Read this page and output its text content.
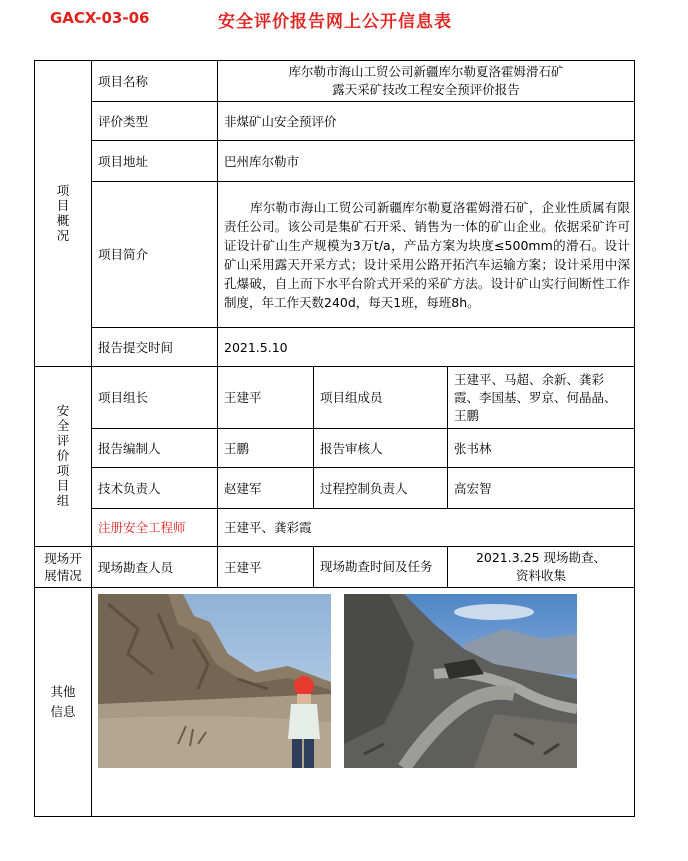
GACX-03-06	安全评价报告网上公开信息表
项目概况	项目名称	库尔勒市海山工贸公司新疆库尔勒夏洛霍姆滑石矿
露天采矿技改工程安全预评价报告		

	评价类型	非煤矿山安全预评价		
	项目地址	巴州库尔勒市		
	项目简介	库尔勒市海山工贸公司新疆库尔勒夏洛霍姆滑石矿，企业性质属有限责任公司。该公司是集矿石开采、销售为一体的矿山企业。依据采矿许可证设计矿山生产规模为3万t/a，产品方案为块度≤500mm的滑石。设计矿山采用露天开采方式；设计采用公路开拓汽车运输方案；设计采用中深孔爆破，自上而下水平台阶式开采的采矿方法。设计矿山实行间断性工作制度，年工作天数240d，每天1班，每班8h。		
	报告提交时间	2021.5.10		
安全评价项目组	项目组长	王建平	项目组成员	王建平、马超、余新、龚彩霞、李国基、罗京、何晶晶、王鹏
	报告编制人	王鹏	报告审核人	张书林
	技术负责人	赵建军	过程控制负责人	高宏智
	注册安全工程师	王建平、龚彩霞		
现场开展情况	现场勘查人员	王建平	现场勘查时间及任务	2021.3.25 现场勘查、
资料收集

其他信息	
